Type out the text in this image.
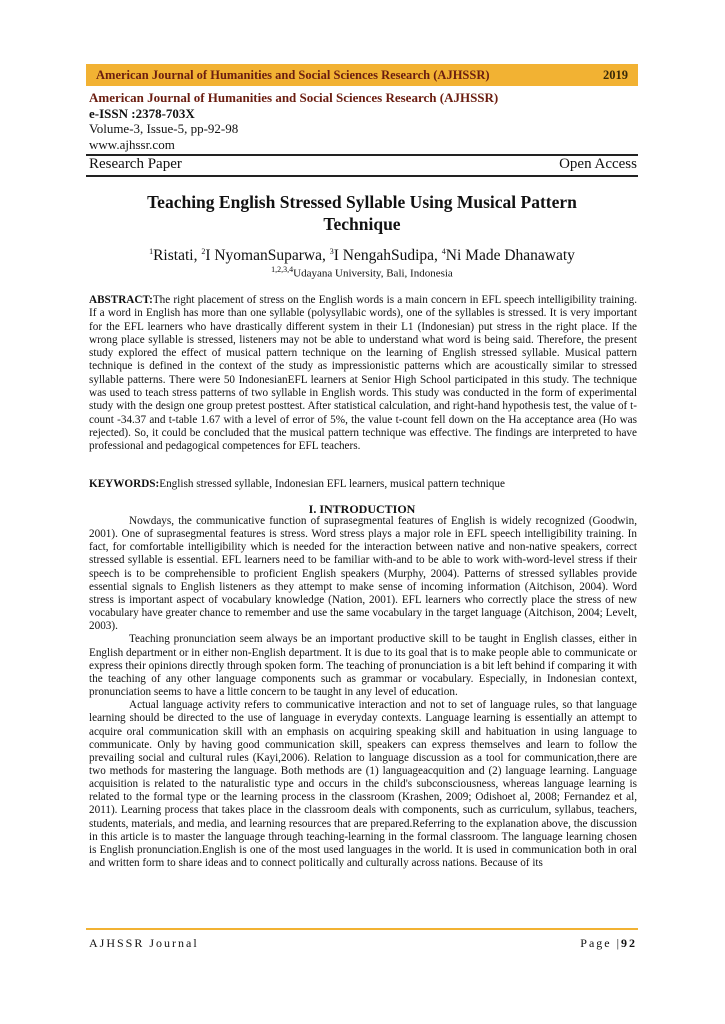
American Journal of Humanities and Social Sciences Research (AJHSSR)	2019
American Journal of Humanities and Social Sciences Research (AJHSSR)
e-ISSN :2378-703X
Volume-3, Issue-5, pp-92-98
www.ajhssr.com
Research Paper	Open Access
Teaching English Stressed Syllable Using Musical Pattern
Technique
$^1$Ristati, $^2$I NyomanSuparwa, $^3$I NengahSudipa, $^4$Ni Made Dhanawaty
$^{1,2,3,4}$Udayana University, Bali, Indonesia
ABSTRACT:The right placement of stress on the English words is a main concern in EFL speech intelligibility training. If a word in English has more than one syllable (polysyllabic words), one of the syllables is stressed. It is very important for the EFL learners who have drastically different system in their L1 (Indonesian) put stress in the right place. If the wrong place syllable is stressed, listeners may not be able to understand what word is being said. Therefore, the present study explored the effect of musical pattern technique on the learning of English stressed syllable. Musical pattern technique is defined in the context of the study as impressionistic patterns which are acoustically similar to stressed syllable patterns. There were 50 IndonesianEFL learners at Senior High School participated in this study. The technique was used to teach stress patterns of two syllable in English words. This study was conducted in the form of experimental study with the design one group pretest posttest. After statistical calculation, and right-hand hypothesis test, the value of t-count -34.37 and t-table 1.67 with a level of error of 5%, the value t-count fell down on the Ha acceptance area (Ho was rejected). So, it could be concluded that the musical pattern technique was effective. The findings are interpreted to have professional and pedagogical competences for EFL teachers.
KEYWORDS:English stressed syllable, Indonesian EFL learners, musical pattern technique
I. INTRODUCTION

Nowdays, the communicative function of suprasegmental features of English is widely recognized (Goodwin, 2001). One of suprasegmental features is stress. Word stress plays a major role in EFL speech intelligibility training. In fact, for comfortable intelligibility which is needed for the interaction between native and non-native speakers, correct stressed syllable is essential. EFL learners need to be familiar with-and to be able to work with-word-level stress if their speech is to be comprehensible to proficient English speakers (Murphy, 2004). Patterns of stressed syllables provide essential signals to English listeners as they attempt to make sense of incoming information (Aitchison, 2004). Word stress is important aspect of vocabulary knowledge (Nation, 2001). EFL learners who correctly place the stress of new vocabulary have greater chance to remember and use the same vocabulary in the target language (Aitchison, 2004; Levelt, 2003).

Teaching pronunciation seem always be an important productive skill to be taught in English classes, either in English department or in either non-English department. It is due to its goal that is to make people able to communicate or express their opinions directly through spoken form. The teaching of pronunciation is a bit left behind if comparing it with the teaching of any other language components such as grammar or vocabulary. Especially, in Indonesian context, pronunciation seems to have a little concern to be taught in any level of education.

Actual language activity refers to communicative interaction and not to set of language rules, so that language learning should be directed to the use of language in everyday contexts. Language learning is essentially an attempt to acquire oral communication skill with an emphasis on acquiring speaking skill and habituation in using language to communicate. Only by having good communication skill, speakers can express themselves and learn to follow the prevailing social and cultural rules (Kayi,2006). Relation to language discussion as a tool for communication,there are two methods for mastering the language. Both methods are (1) languageacquition and (2) language learning. Language acquisition is related to the naturalistic type and occurs in the child's subconsciousness, whereas language learning is related to the formal type or the learning process in the classroom (Krashen, 2009; Odishoet al, 2008; Fernandez et al, 2011). Learning process that takes place in the classroom deals with components, such as curriculum, syllabus, teachers, students, materials, and media, and learning resources that are prepared.Referring to the explanation above, the discussion in this article is to master the language through teaching-learning in the formal classroom. The language learning chosen is English pronunciation.English is one of the most used languages in the world. It is used in communication both in oral and written form to share ideas and to connect politically and culturally across nations. Because of its

AJHSSR Journal	Page |92
